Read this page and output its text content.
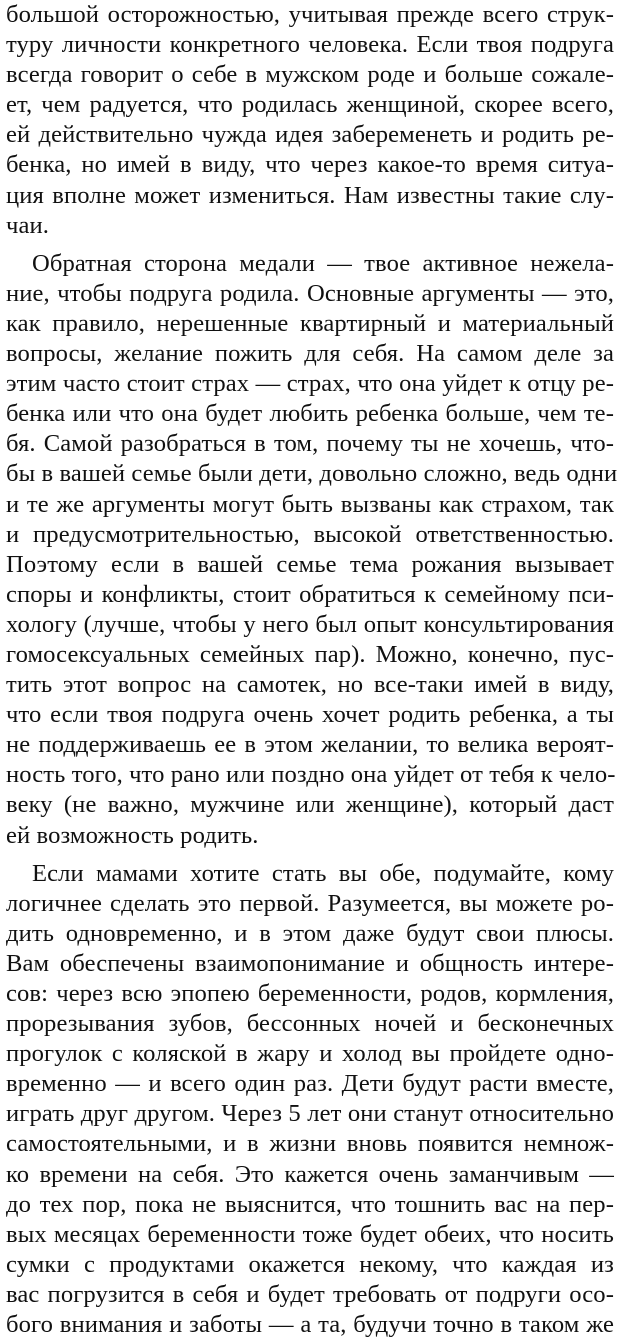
большой осторожностью, учитывая прежде всего струк-
туру личности конкретного человека. Если твоя подруга
всегда говорит о себе в мужском роде и больше сожале-
ет, чем радуется, что родилась женщиной, скорее всего,
ей действительно чужда идея забеременеть и родить ре-
бенка, но имей в виду, что через какое-то время ситуа-
ция вполне может измениться. Нам известны такие слу-
чаи.

Обратная сторона медали — твое активное нежела-
ние, чтобы подруга родила. Основные аргументы — это,
как правило, нерешенные квартирный и материальный
вопросы, желание пожить для себя. На самом деле за
этим часто стоит страх — страх, что она уйдет к отцу ре-
бенка или что она будет любить ребенка больше, чем те-
бя. Самой разобраться в том, почему ты не хочешь, что-
бы в вашей семье были дети, довольно сложно, ведь одни
и те же аргументы могут быть вызваны как страхом, так
и предусмотрительностью, высокой ответственностью.
Поэтому если в вашей семье тема рожания вызывает
споры и конфликты, стоит обратиться к семейному пси-
хологу (лучше, чтобы у него был опыт консультирования
гомосексуальных семейных пар). Можно, конечно, пус-
тить этот вопрос на самотек, но все-таки имей в виду,
что если твоя подруга очень хочет родить ребенка, а ты
не поддерживаешь ее в этом желании, то велика вероят-
ность того, что рано или поздно она уйдет от тебя к чело-
веку (не важно, мужчине или женщине), который даст
ей возможность родить.

Если мамами хотите стать вы обе, подумайте, кому
логичнее сделать это первой. Разумеется, вы можете ро-
дить одновременно, и в этом даже будут свои плюсы.
Вам обеспечены взаимопонимание и общность интере-
сов: через всю эпопею беременности, родов, кормления,
прорезывания зубов, бессонных ночей и бесконечных
прогулок с коляской в жару и холод вы пройдете одно-
временно — и всего один раз. Дети будут расти вместе,
играть друг другом. Через 5 лет они станут относительно
самостоятельными, и в жизни вновь появится немнож-
ко времени на себя. Это кажется очень заманчивым —
до тех пор, пока не выяснится, что тошнить вас на пер-
вых месяцах беременности тоже будет обеих, что носить
сумки с продуктами окажется некому, что каждая из
вас погрузится в себя и будет требовать от подруги осо-
бого внимания и заботы — а та, будучи точно в таком же
